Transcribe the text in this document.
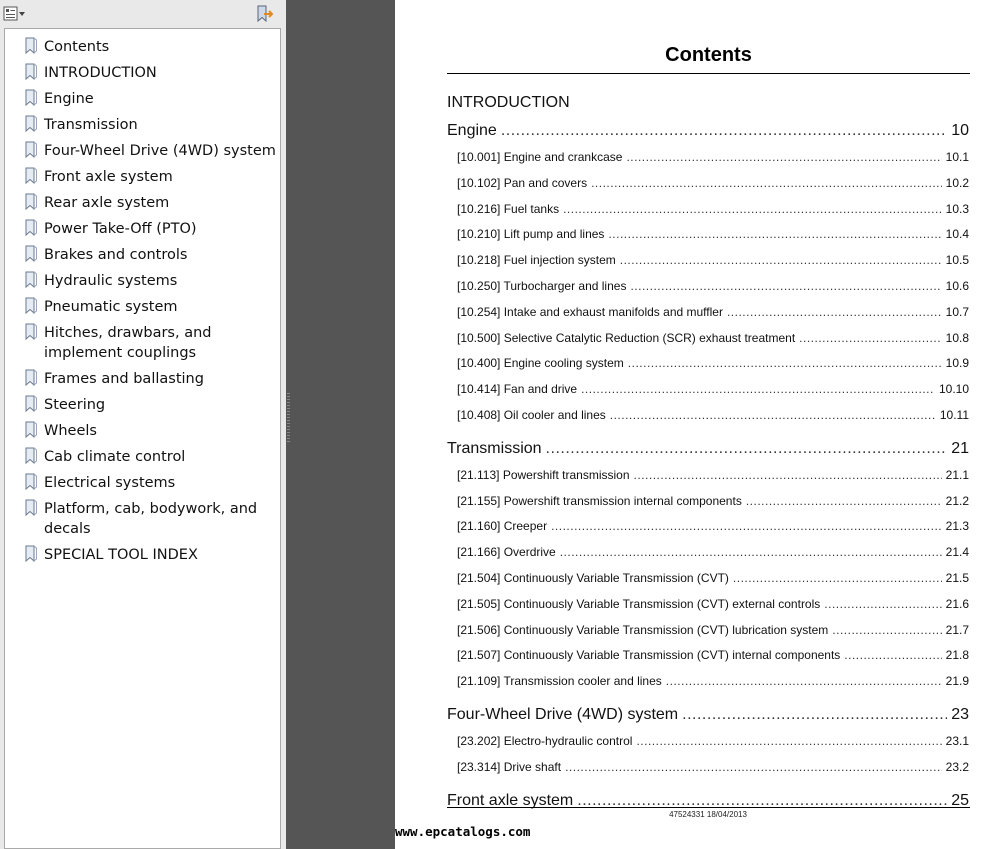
Contents
INTRODUCTION
Engine
Transmission
Four-Wheel Drive (4WD) system
Front axle system
Rear axle system
Power Take-Off (PTO)
Brakes and controls
Hydraulic systems
Pneumatic system
Hitches, drawbars, and implement couplings
Frames and ballasting
Steering
Wheels
Cab climate control
Electrical systems
Platform, cab, bodywork, and decals
SPECIAL TOOL INDEX
Contents
INTRODUCTION
Engine .....	10
[10.001] Engine and crankcase .....	10.1
[10.102] Pan and covers .....	10.2
[10.216] Fuel tanks .....	10.3
[10.210] Lift pump and lines .....	10.4
[10.218] Fuel injection system .....	10.5
[10.250] Turbocharger and lines .....	10.6
[10.254] Intake and exhaust manifolds and muffler .....	10.7
[10.500] Selective Catalytic Reduction (SCR) exhaust treatment .....	10.8
[10.400] Engine cooling system .....	10.9
[10.414] Fan and drive .....	10.10
[10.408] Oil cooler and lines .....	10.11
Transmission .....	21
[21.113] Powershift transmission .....	21.1
[21.155] Powershift transmission internal components .....	21.2
[21.160] Creeper .....	21.3
[21.166] Overdrive .....	21.4
[21.504] Continuously Variable Transmission (CVT) .....	21.5
[21.505] Continuously Variable Transmission (CVT) external controls .....	21.6
[21.506] Continuously Variable Transmission (CVT) lubrication system .....	21.7
[21.507] Continuously Variable Transmission (CVT) internal components .....	21.8
[21.109] Transmission cooler and lines .....	21.9
Four-Wheel Drive (4WD) system .....	23
[23.202] Electro-hydraulic control .....	23.1
[23.314] Drive shaft .....	23.2
Front axle system .....	25
47524331 18/04/2013
www.epcatalogs.com
